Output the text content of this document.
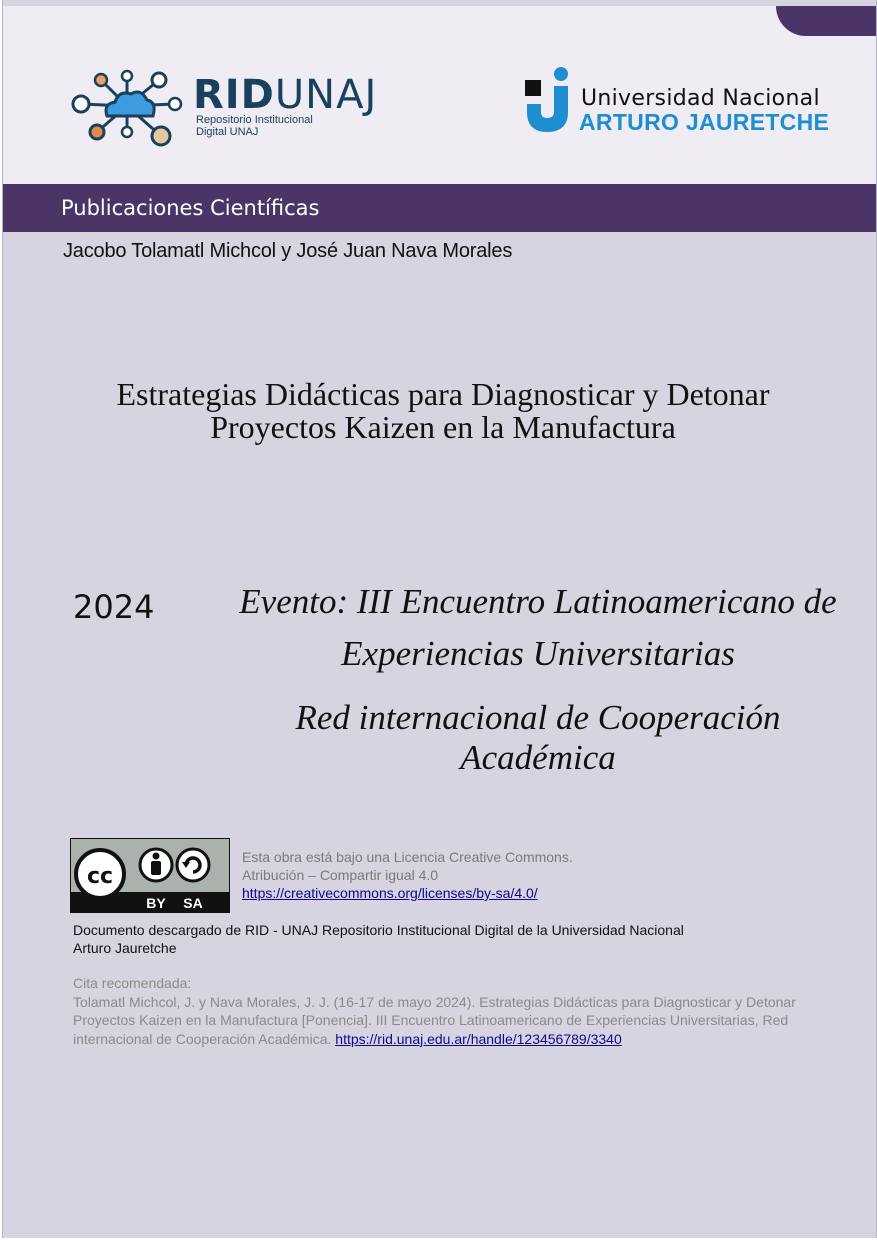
RIDUNAJ
Repositorio Institucional
Digital UNAJ
Universidad Nacional
ARTURO JAURETCHE
Publicaciones Científicas
Jacobo Tolamatl Michcol y José Juan Nava Morales
Estrategias Didácticas para Diagnosticar y Detonar
Proyectos Kaizen en la Manufactura
2024 Evento: III Encuentro Latinoamericano de
Experiencias Universitarias
Red internacional de Cooperación Académica
cc
BY SA
Esta obra está bajo una Licencia Creative Commons.
Atribución – Compartir igual 4.0
https://creativecommons.org/licenses/by-sa/4.0/
Documento descargado de RID - UNAJ Repositorio Institucional Digital de la Universidad Nacional Arturo Jauretche
Cita recomendada:
Tolamatl Michcol, J. y Nava Morales, J. J. (16-17 de mayo 2024). Estrategias Didácticas para Diagnosticar y Detonar Proyectos Kaizen en la Manufactura [Ponencia]. III Encuentro Latinoamericano de Experiencias Universitarias, Red internacional de Cooperación Académica. https://rid.unaj.edu.ar/handle/123456789/3340
